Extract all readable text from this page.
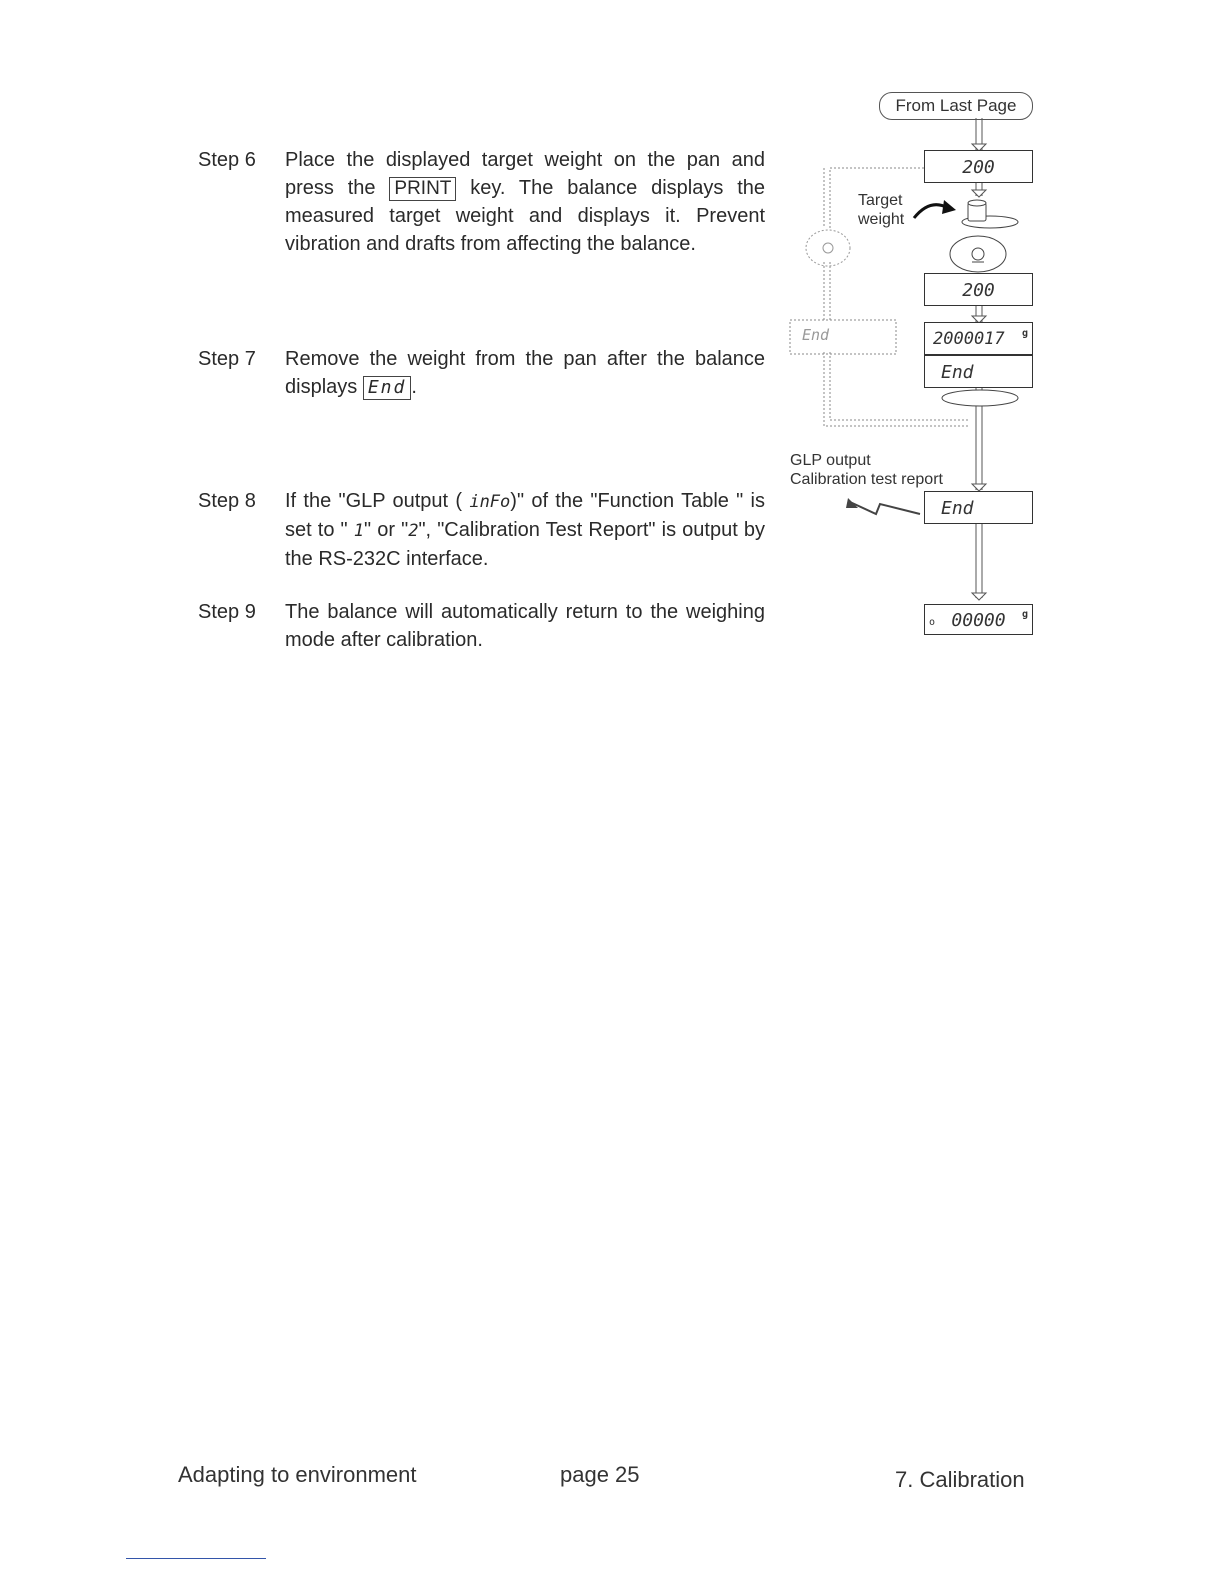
Step 6 Place the displayed target weight on the pan and press the PRINT key. The balance displays the measured target weight and displays it. Prevent vibration and drafts from affecting the balance.
Step 7 Remove the weight from the pan after the balance displays End .
Step 8 If the "GLP output ( inFo)" of the "Function Table " is set to " 1" or "2", "Calibration Test Report" is output by the RS-232C interface.
Step 9 The balance will automatically return to the weighing mode after calibration.
From Last Page
200
Target
weight
200
End	2000017 g
End
GLP output
Calibration test report
End
o 00000 g
Adapting to environment	page 25	7. Calibration
